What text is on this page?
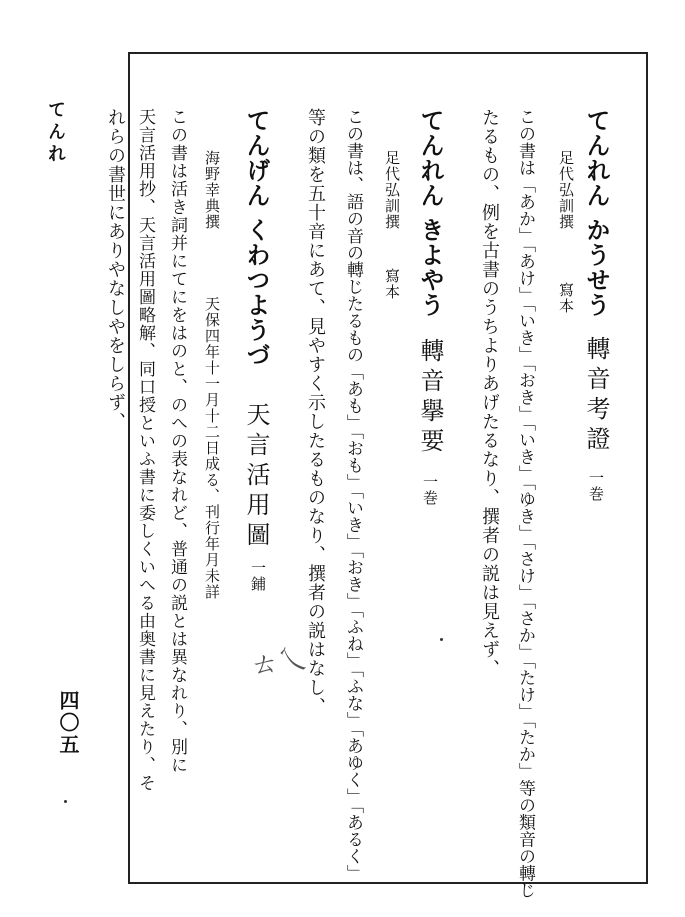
てんれん かうせう
轉音考證
一巻
足代弘訓撰
寫本
この書は「あか」「あけ」「いき」「おき」「いき」「ゆき」「さけ」「さか」「たけ」「たか」等の類音の轉じ
たるもの、例を古書のうちよりあげたるなり、撰者の説は見えず、
てんれん きよやう
轉音擧要
一巻
足代弘訓撰
寫本
この書は、語の音の轉じたるもの「あも」「おも」「いき」「おき」「ふね」「ふな」「あゆく」「あるく」
等の類を五十音にあて、見やすく示したるものなり、撰者の説はなし、
てんげん くわつようづ
天言活用圖
一鋪
海野幸典撰
天保四年十一月十二日成る、刊行年月未詳
この書は活き詞并にてにをはのと、のへの表なれど、普通の説とは異なれり、別に
天言活用抄、天言活用圖略解、同口授といふ書に委しくいへる由奥書に見えたり、そ
れらの書世にありやなしやをしらず、
てんれ
四〇五
ㄊ乀
